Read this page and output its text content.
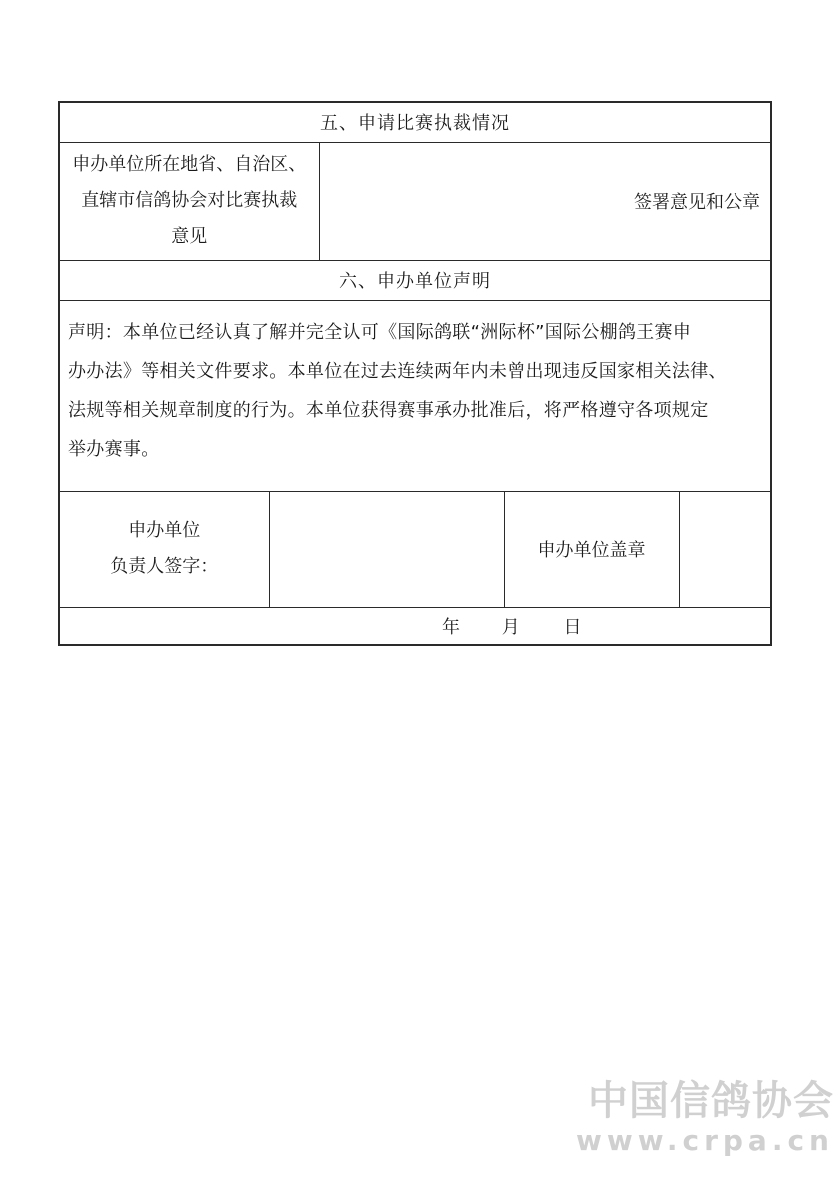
五、申请比赛执裁情况				

申办单位所在地省、自治区、
直辖市信鸽协会对比赛执裁
意见		签署意见和公章		
六、申办单位声明				

声明：本单位已经认真了解并完全认可《国际鸽联“洲际杯”国际公棚鸽王赛申
办办法》等相关文件要求。本单位在过去连续两年内未曾出现违反国家相关法律、
法规等相关规章制度的行为。本单位获得赛事承办批准后，将严格遵守各项规定
举办赛事。				

申办单位
负责人签字：			申办单位盖章	
年 月 日				
中国信鸽协会
www.crpa.cn
